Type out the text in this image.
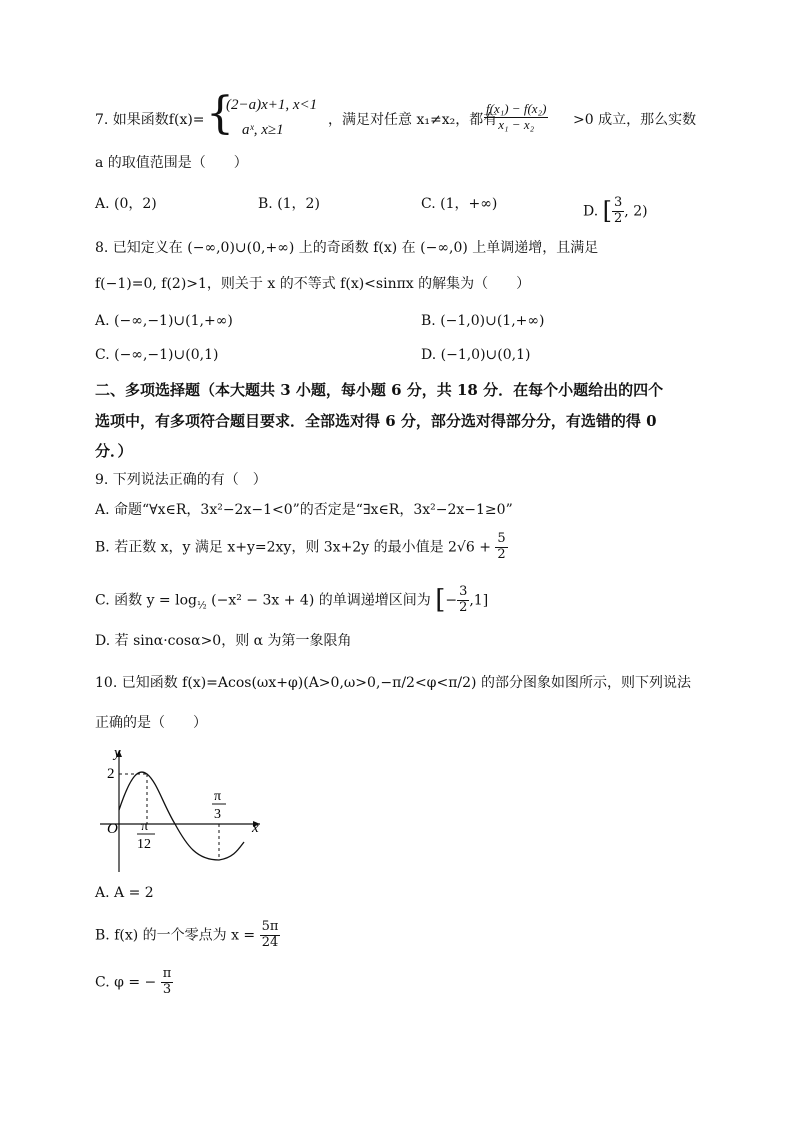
7. 如果函数f(x)= {
(2−a)x+1, x<1
aˣ, x≥1
，满足对任意 x₁≠x₂，都有
$\frac{\text{f(x₁) − f(x₂)}}{\text{x₁ − x₂}} >0$ 成立，那么实数
a 的取值范围是（　　）
A. (0，2)	B. (1，2)	C. (1，+∞)	D. [ $\frac{3}{2}$ , 2)
8. 已知定义在 (−∞,0)∪(0,+∞) 上的奇函数 f(x) 在 (−∞,0) 上单调递增，且满足
f(−1)=0, f(2)>1，则关于 x 的不等式 f(x)<sinπx 的解集为（　　）
A. (−∞,−1)∪(1,+∞)	B. (−1,0)∪(1,+∞)
C. (−∞,−1)∪(0,1)	D. (−1,0)∪(0,1)
二、多项选择题（本大题共 3 小题，每小题 6 分，共 18 分．在每个小题给出的四个
选项中，有多项符合题目要求．全部选对得 6 分，部分选对得部分分，有选错的得 0
分．）
9. 下列说法正确的有（　）
A. 命题“∀x∈R，3x²−2x−1<0”的否定是“∃x∈R，3x²−2x−1≥0”
B. 若正数 x，y 满足 x+y=2xy，则 3x+2y 的最小值是 $2√6 + \frac{5}{2}$
C. 函数 $y = \log_{\frac{1}{2}} (-x^2 - 3x + 4)$ 的单调递增区间为 [− $\frac{3}{2} ,1$]
D. 若 sinα·cosα>0，则 α 为第一象限角
10. 已知函数 f(x)=Acos(ωx+φ)(A>0,ω>0,−π/2<φ<π/2) 的部分图象如图所示，则下列说法
正确的是（　　）
y
x
2
O π
12
π
3
A. A = 2
B. f(x) 的一个零点为 $x = \frac{5\pi}{24}$
C. φ = − $\frac{\pi}{3}$
